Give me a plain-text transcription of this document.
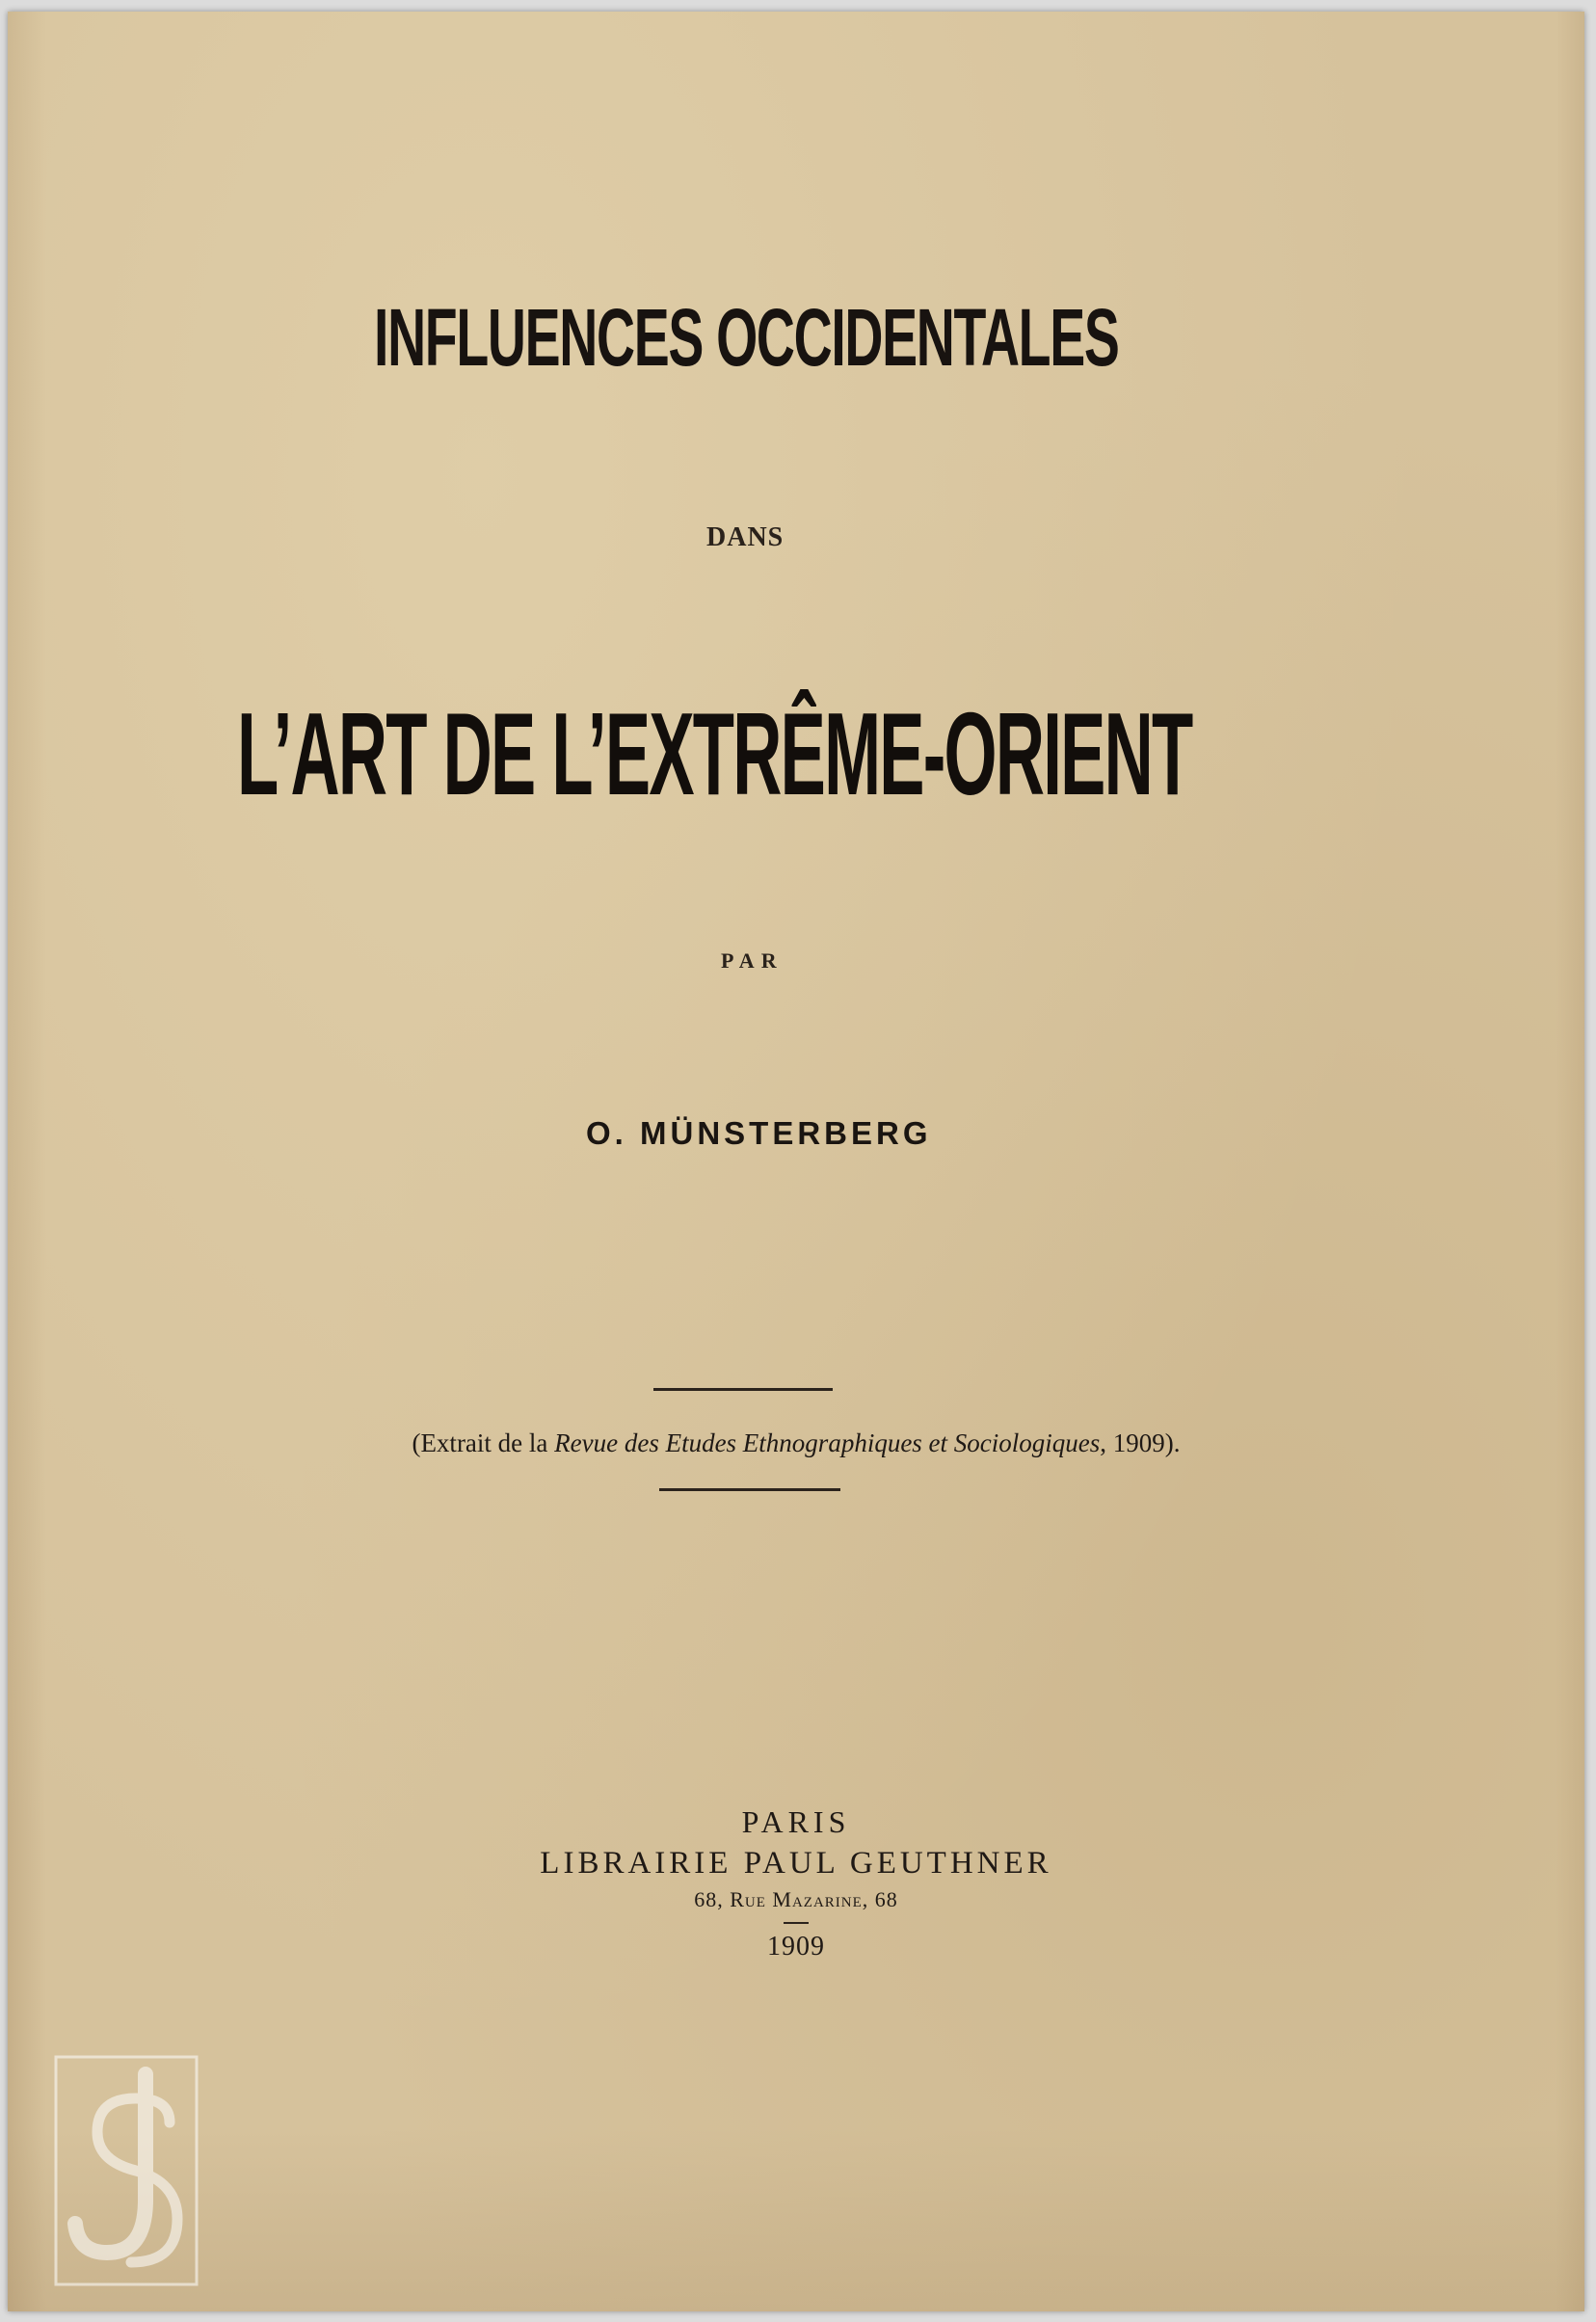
INFLUENCES OCCIDENTALES
DANS
L’ART DE L’EXTRÊME-ORIENT
PAR
O. MÜNSTERBERG
(Extrait de la Revue des Etudes Ethnographiques et Sociologiques, 1909).
PARIS
LIBRAIRIE PAUL GEUTHNER
68, Rue Mazarine, 68
1909
